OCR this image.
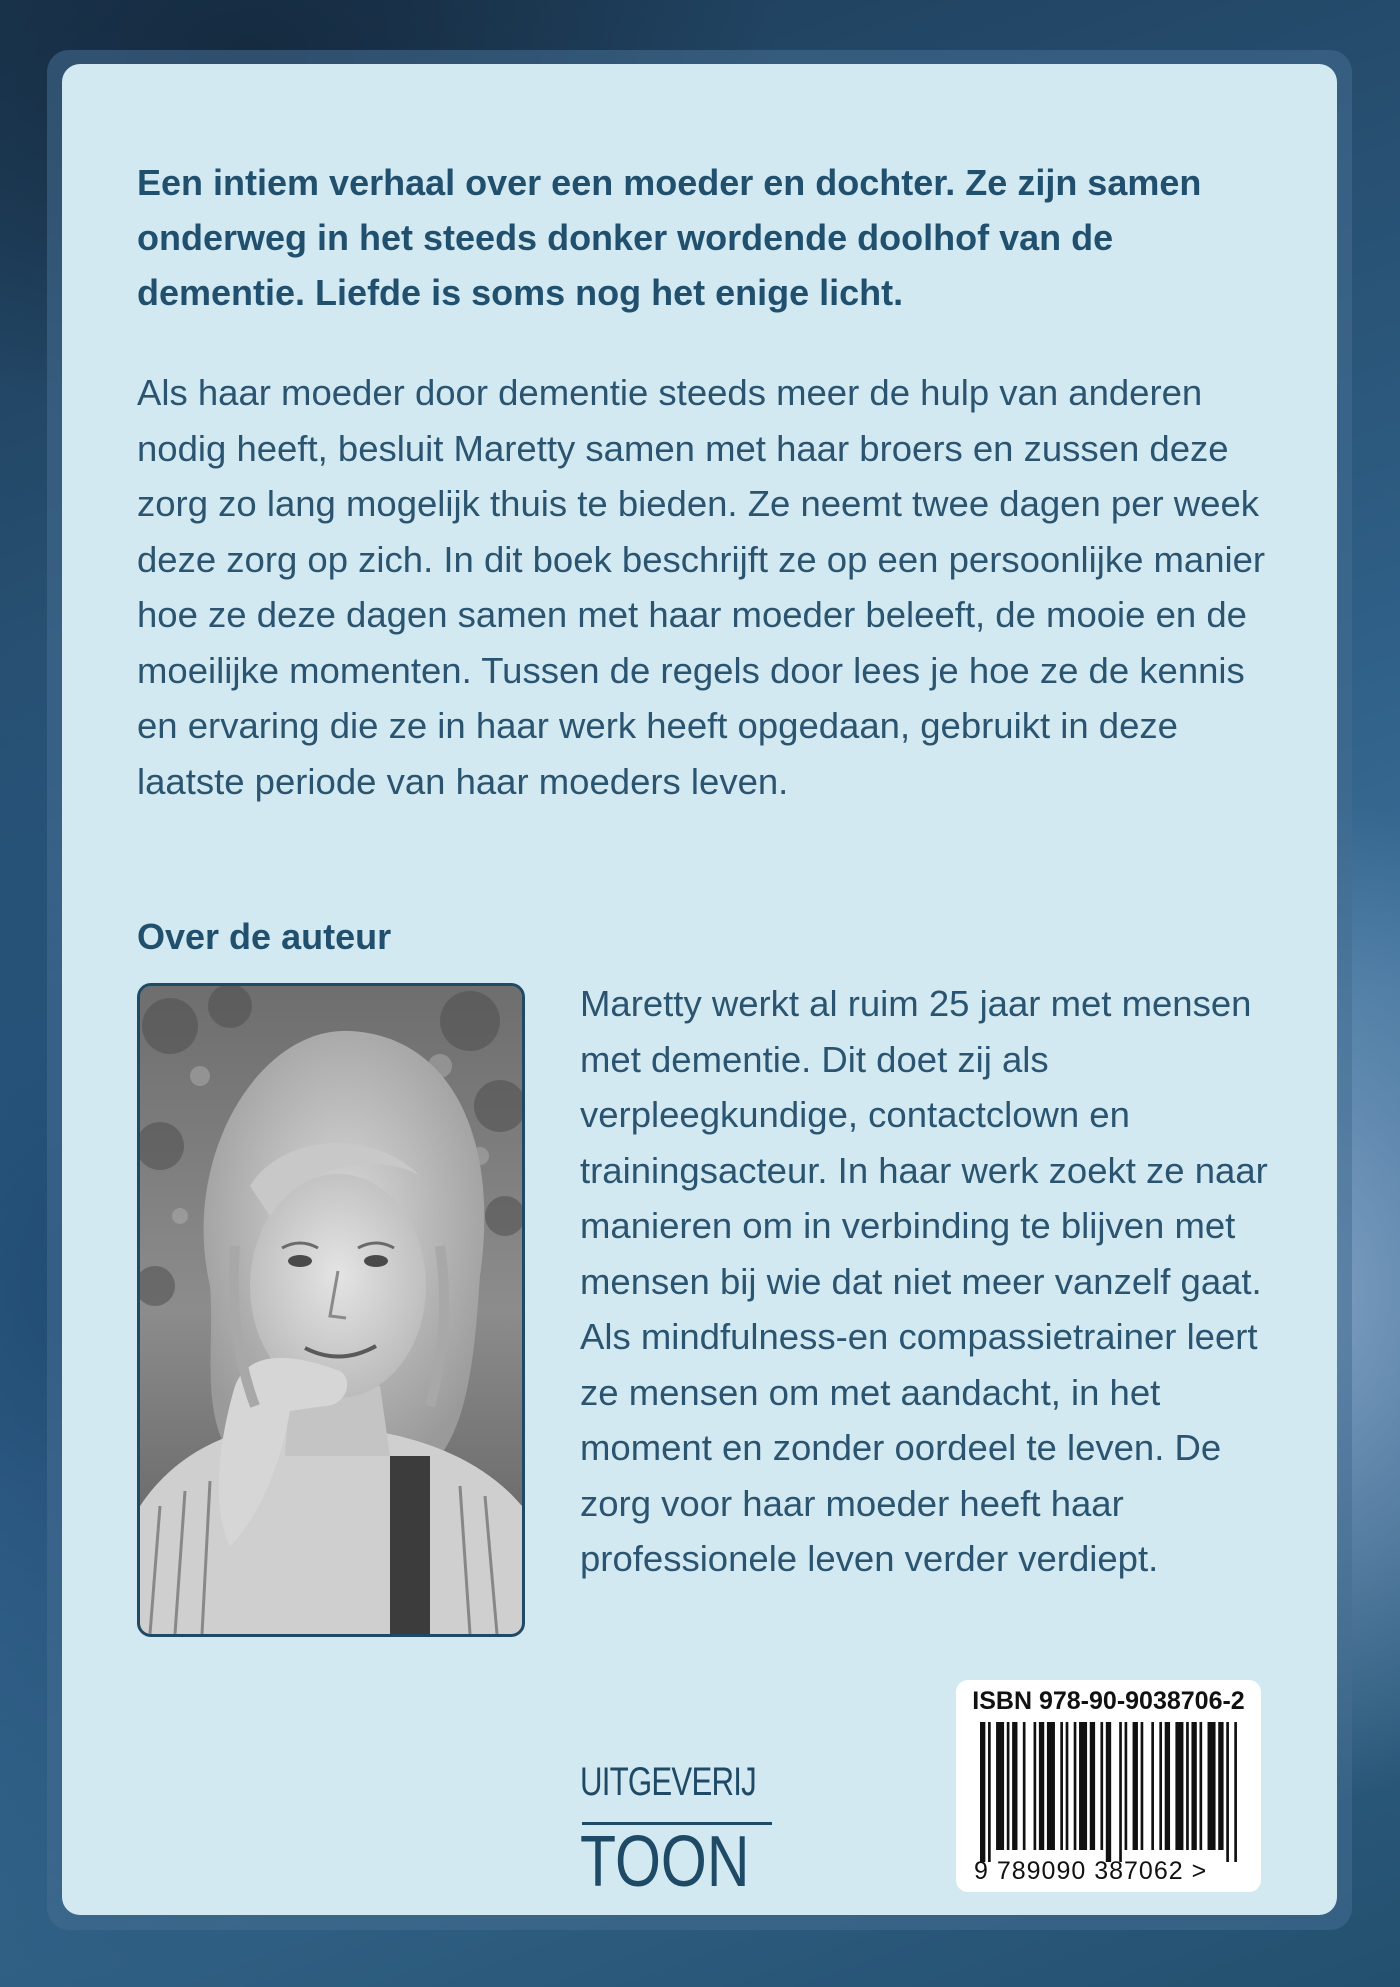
Een intiem verhaal over een moeder en dochter. Ze zijn samen onderweg in het steeds donker wordende doolhof van de dementie. Liefde is soms nog het enige licht.

Als haar moeder door dementie steeds meer de hulp van anderen nodig heeft, besluit Maretty samen met haar broers en zussen deze zorg zo lang mogelijk thuis te bieden. Ze neemt twee dagen per week deze zorg op zich. In dit boek beschrijft ze op een persoonlijke manier hoe ze deze dagen samen met haar moeder beleeft, de mooie en de moeilijke momenten. Tussen de regels door lees je hoe ze de kennis en ervaring die ze in haar werk heeft opgedaan, gebruikt in deze laatste periode van haar moeders leven.

Over de auteur

Maretty werkt al ruim 25 jaar met mensen met dementie. Dit doet zij als verpleegkundige, contactclown en trainingsacteur. In haar werk zoekt ze naar manieren om in verbinding te blijven met mensen bij wie dat niet meer vanzelf gaat. Als mindfulness-en compassietrainer leert ze mensen om met aandacht, in het moment en zonder oordeel te leven. De zorg voor haar moeder heeft haar professionele leven verder verdiept.

UITGEVERIJ
TOON
ISBN 978-90-9038706-2
9 789090 387062 >
